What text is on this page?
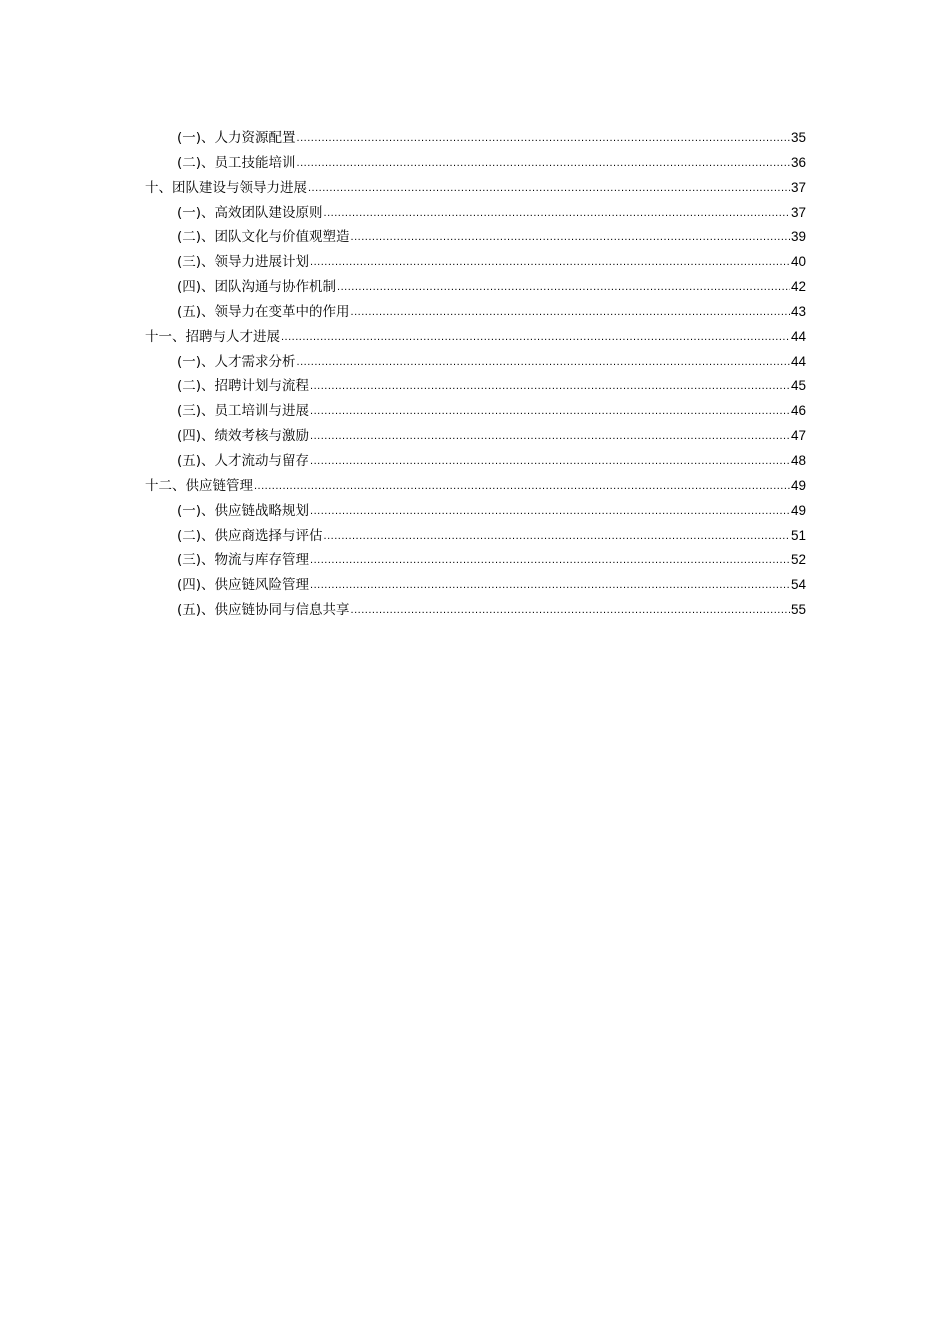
(一)、人力资源配置 .....	35
(二)、员工技能培训 .....	36
十、团队建设与领导力进展 .....	37
(一)、高效团队建设原则 .....	37
(二)、团队文化与价值观塑造 .....	39
(三)、领导力进展计划 .....	40
(四)、团队沟通与协作机制 .....	42
(五)、领导力在变革中的作用 .....	43
十一、招聘与人才进展 .....	44
(一)、人才需求分析 .....	44
(二)、招聘计划与流程 .....	45
(三)、员工培训与进展 .....	46
(四)、绩效考核与激励 .....	47
(五)、人才流动与留存 .....	48
十二、供应链管理 .....	49
(一)、供应链战略规划 .....	49
(二)、供应商选择与评估 .....	51
(三)、物流与库存管理 .....	52
(四)、供应链风险管理 .....	54
(五)、供应链协同与信息共享 .....	55
